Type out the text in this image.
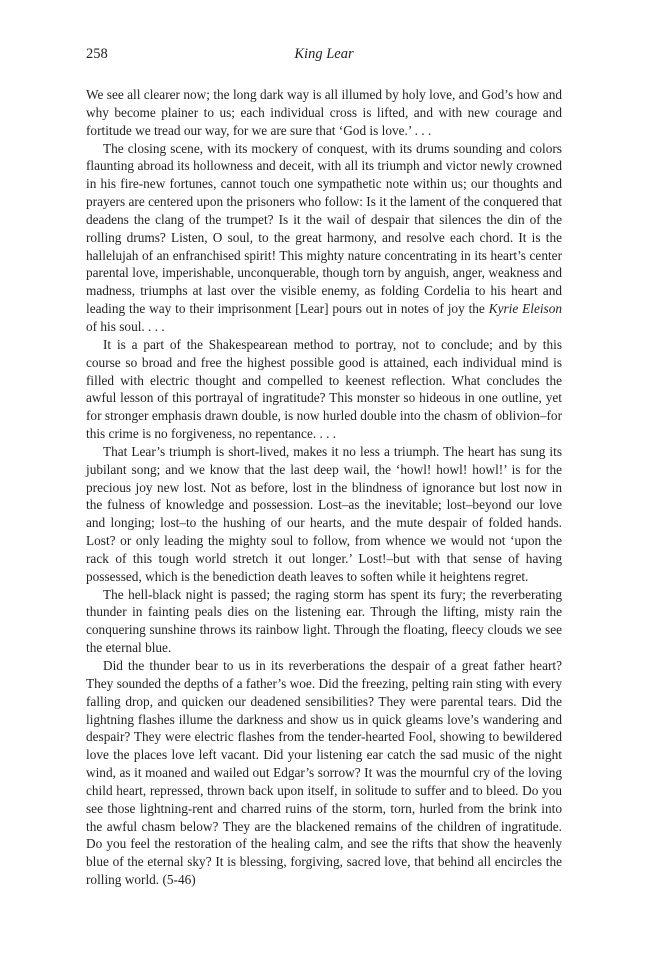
258	King Lear

We see all clearer now; the long dark way is all illumed by holy love, and God’s how and why become plainer to us; each individual cross is lifted, and with new courage and fortitude we tread our way, for we are sure that ‘God is love.’ . . .

The closing scene, with its mockery of conquest, with its drums sounding and colors flaunting abroad its hollowness and deceit, with all its triumph and victor newly crowned in his fire-new fortunes, cannot touch one sympathetic note within us; our thoughts and prayers are centered upon the prisoners who follow: Is it the lament of the conquered that deadens the clang of the trumpet? Is it the wail of despair that silences the din of the rolling drums? Listen, O soul, to the great harmony, and resolve each chord. It is the hallelujah of an enfranchised spirit! This mighty nature concentrating in its heart’s center parental love, imperishable, unconquerable, though torn by anguish, anger, weakness and madness, triumphs at last over the visible enemy, as folding Cordelia to his heart and leading the way to their imprisonment [Lear] pours out in notes of joy the Kyrie Eleison of his soul. . . .

It is a part of the Shakespearean method to portray, not to conclude; and by this course so broad and free the highest possible good is attained, each individual mind is filled with electric thought and compelled to keenest reflection. What concludes the awful lesson of this portrayal of ingratitude? This monster so hideous in one outline, yet for stronger emphasis drawn double, is now hurled double into the chasm of oblivion–for this crime is no forgiveness, no repentance. . . .

That Lear’s triumph is short-lived, makes it no less a triumph. The heart has sung its jubilant song; and we know that the last deep wail, the ‘howl! howl! howl!’ is for the precious joy new lost. Not as before, lost in the blindness of ignorance but lost now in the fulness of knowledge and possession. Lost–as the inevitable; lost–beyond our love and longing; lost–to the hushing of our hearts, and the mute despair of folded hands. Lost? or only leading the mighty soul to follow, from whence we would not ‘upon the rack of this tough world stretch it out longer.’ Lost!–but with that sense of having possessed, which is the benediction death leaves to soften while it heightens regret.

The hell-black night is passed; the raging storm has spent its fury; the reverberating thunder in fainting peals dies on the listening ear. Through the lifting, misty rain the conquering sunshine throws its rainbow light. Through the floating, fleecy clouds we see the eternal blue.

Did the thunder bear to us in its reverberations the despair of a great father heart? They sounded the depths of a father’s woe. Did the freezing, pelting rain sting with every falling drop, and quicken our deadened sensibilities? They were parental tears. Did the lightning flashes illume the darkness and show us in quick gleams love’s wandering and despair? They were electric flashes from the tender-hearted Fool, showing to bewildered love the places love left vacant. Did your listening ear catch the sad music of the night wind, as it moaned and wailed out Edgar’s sorrow? It was the mournful cry of the loving child heart, repressed, thrown back upon itself, in solitude to suffer and to bleed. Do you see those lightning-rent and charred ruins of the storm, torn, hurled from the brink into the awful chasm below? They are the blackened remains of the children of ingratitude. Do you feel the restoration of the healing calm, and see the rifts that show the heavenly blue of the eternal sky? It is blessing, forgiving, sacred love, that behind all encircles the rolling world. (5-46)
